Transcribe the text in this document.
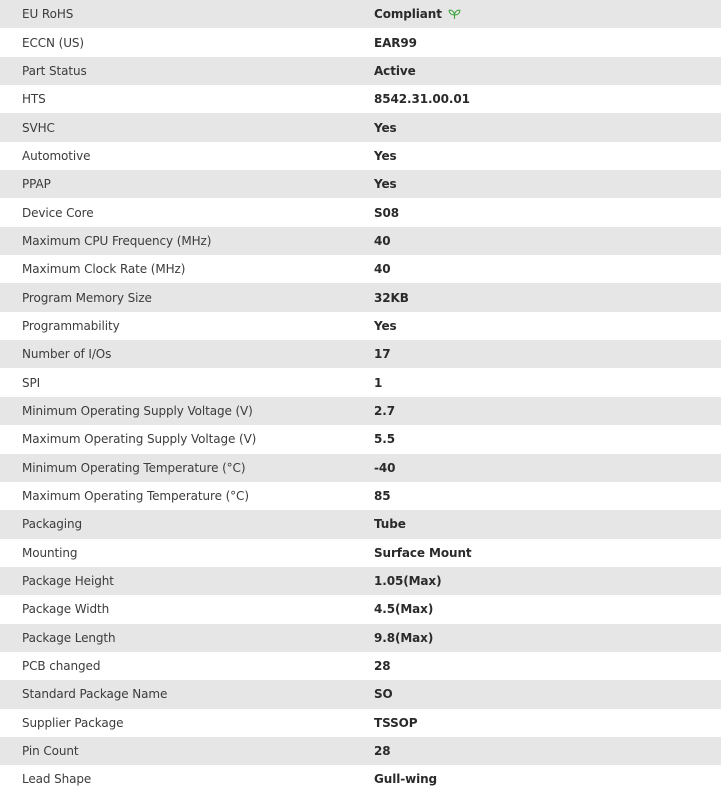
EU RoHS	Compliant
ECCN (US)	EAR99
Part Status	Active
HTS	8542.31.00.01
SVHC	Yes
Automotive	Yes
PPAP	Yes
Device Core	S08
Maximum CPU Frequency (MHz)	40
Maximum Clock Rate (MHz)	40
Program Memory Size	32KB
Programmability	Yes
Number of I/Os	17
SPI	1
Minimum Operating Supply Voltage (V)	2.7
Maximum Operating Supply Voltage (V)	5.5
Minimum Operating Temperature (°C)	-40
Maximum Operating Temperature (°C)	85
Packaging	Tube
Mounting	Surface Mount
Package Height	1.05(Max)
Package Width	4.5(Max)
Package Length	9.8(Max)
PCB changed	28
Standard Package Name	SO
Supplier Package	TSSOP
Pin Count	28
Lead Shape	Gull-wing
